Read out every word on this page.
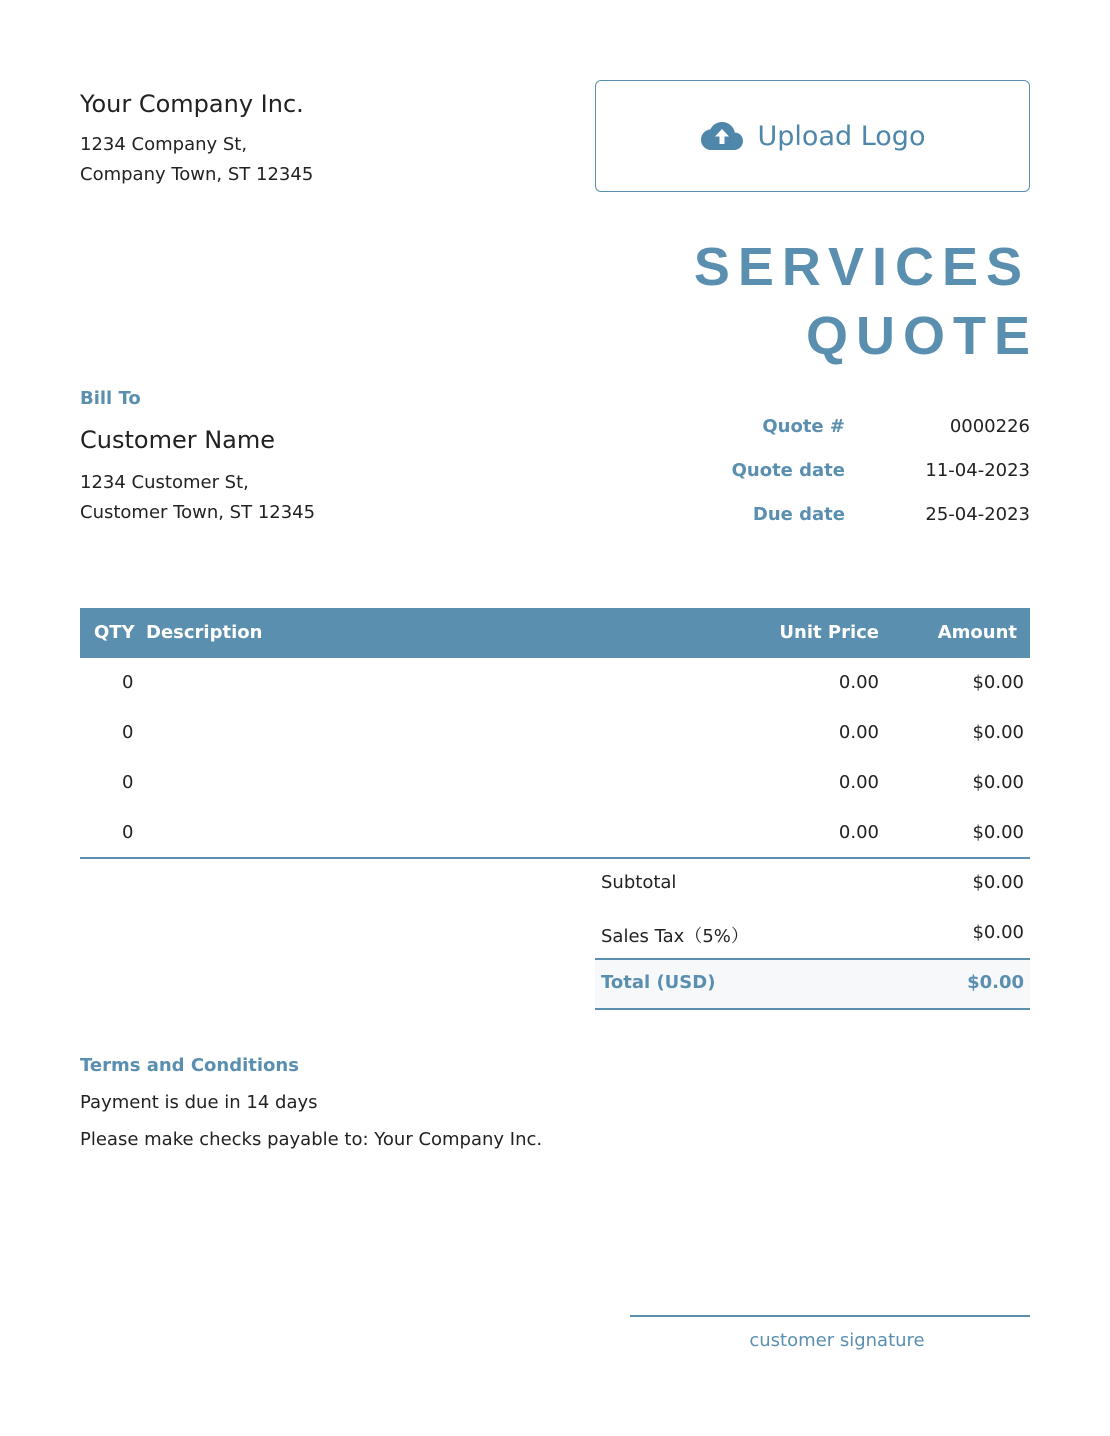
Your Company Inc.
1234 Company St,
Company Town, ST 12345
Upload Logo
SERVICES
QUOTE
Bill To
Customer Name
1234 Customer St,
Customer Town, ST 12345
Quote #	0000226
Quote date	11-04-2023
Due date	25-04-2023
QTY Description	Unit Price	Amount
0	0.00	$0.00
0	0.00	$0.00
0	0.00	$0.00
0	0.00	$0.00
Subtotal	$0.00
Sales Tax（5%）	$0.00
Total (USD)	$0.00
Terms and Conditions
Payment is due in 14 days
Please make checks payable to: Your Company Inc.
customer signature
